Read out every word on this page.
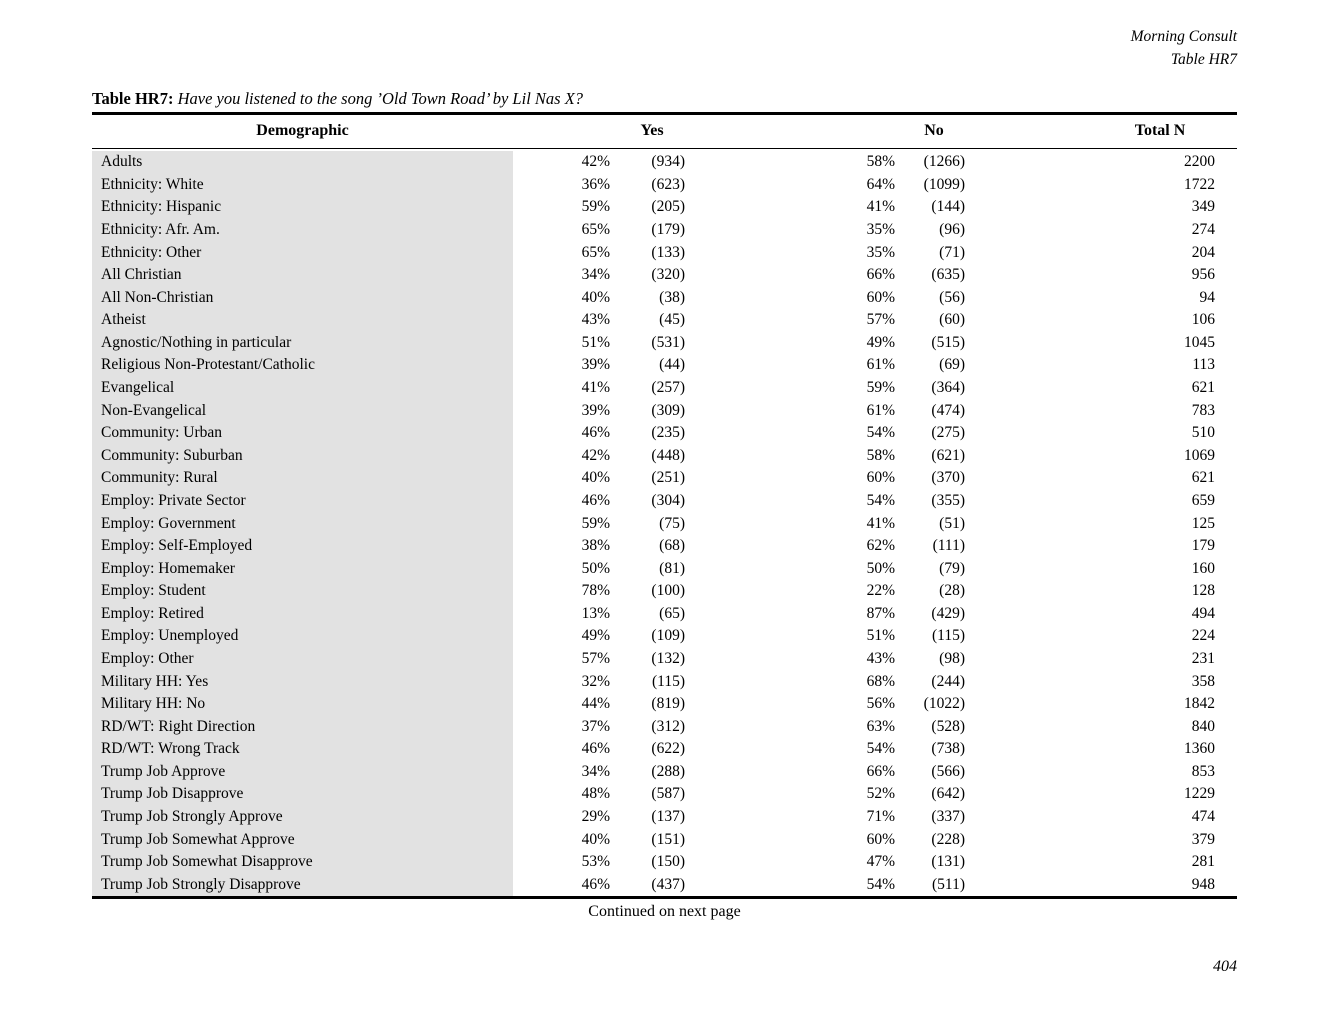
Morning Consult
Table HR7
Table HR7: Have you listened to the song ’Old Town Road’ by Lil Nas X?
Demographic	Yes	No	Total N
Adults	42%	(934)	58%	(1266)	2200
Ethnicity: White	36%	(623)	64%	(1099)	1722
Ethnicity: Hispanic	59%	(205)	41%	(144)	349
Ethnicity: Afr. Am.	65%	(179)	35%	(96)	274
Ethnicity: Other	65%	(133)	35%	(71)	204
All Christian	34%	(320)	66%	(635)	956
All Non-Christian	40%	(38)	60%	(56)	94
Atheist	43%	(45)	57%	(60)	106
Agnostic/Nothing in particular	51%	(531)	49%	(515)	1045
Religious Non-Protestant/Catholic	39%	(44)	61%	(69)	113
Evangelical	41%	(257)	59%	(364)	621
Non-Evangelical	39%	(309)	61%	(474)	783
Community: Urban	46%	(235)	54%	(275)	510
Community: Suburban	42%	(448)	58%	(621)	1069
Community: Rural	40%	(251)	60%	(370)	621
Employ: Private Sector	46%	(304)	54%	(355)	659
Employ: Government	59%	(75)	41%	(51)	125
Employ: Self-Employed	38%	(68)	62%	(111)	179
Employ: Homemaker	50%	(81)	50%	(79)	160
Employ: Student	78%	(100)	22%	(28)	128
Employ: Retired	13%	(65)	87%	(429)	494
Employ: Unemployed	49%	(109)	51%	(115)	224
Employ: Other	57%	(132)	43%	(98)	231
Military HH: Yes	32%	(115)	68%	(244)	358
Military HH: No	44%	(819)	56%	(1022)	1842
RD/WT: Right Direction	37%	(312)	63%	(528)	840
RD/WT: Wrong Track	46%	(622)	54%	(738)	1360
Trump Job Approve	34%	(288)	66%	(566)	853
Trump Job Disapprove	48%	(587)	52%	(642)	1229
Trump Job Strongly Approve	29%	(137)	71%	(337)	474
Trump Job Somewhat Approve	40%	(151)	60%	(228)	379
Trump Job Somewhat Disapprove	53%	(150)	47%	(131)	281
Trump Job Strongly Disapprove	46%	(437)	54%	(511)	948
Continued on next page
404
